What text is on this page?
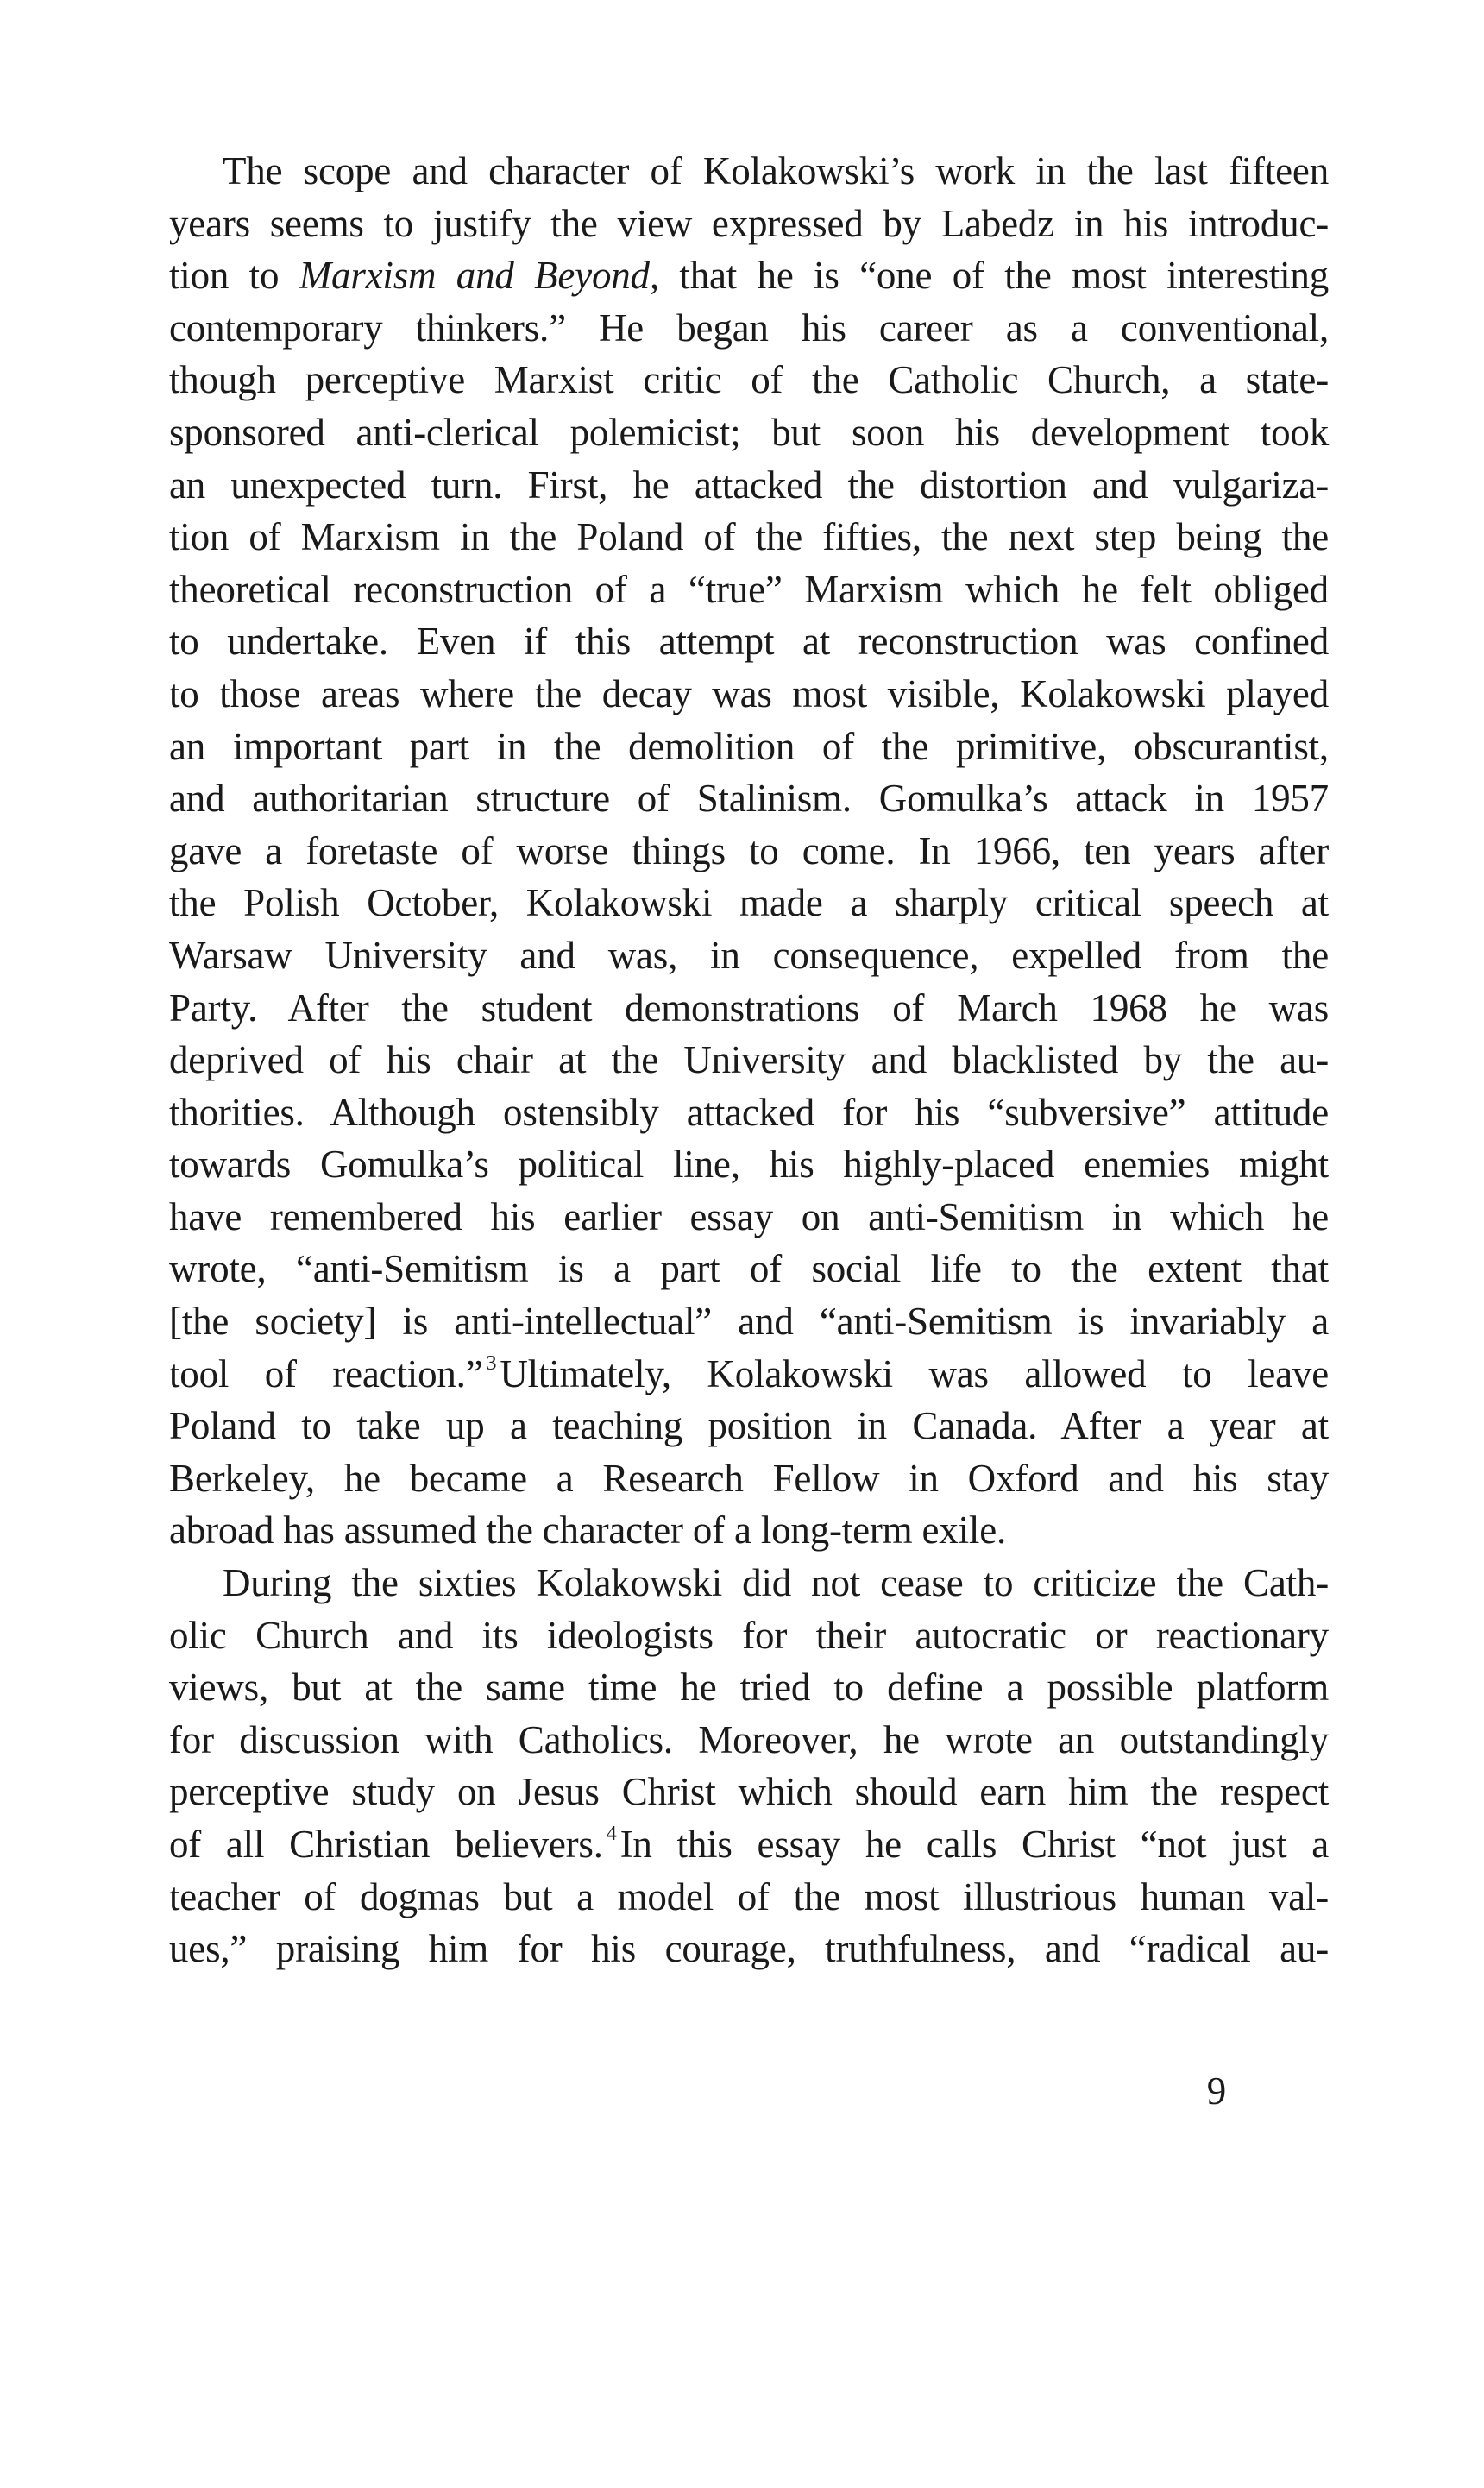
The scope and character of Kolakowski’s work in the last fifteen
years seems to justify the view expressed by Labedz in his introduc-
tion to Marxism and Beyond, that he is “one of the most interesting
contemporary thinkers.” He began his career as a conventional,
though perceptive Marxist critic of the Catholic Church, a state-
sponsored anti-clerical polemicist; but soon his development took
an unexpected turn. First, he attacked the distortion and vulgariza-
tion of Marxism in the Poland of the fifties, the next step being the
theoretical reconstruction of a “true” Marxism which he felt obliged
to undertake. Even if this attempt at reconstruction was confined
to those areas where the decay was most visible, Kolakowski played
an important part in the demolition of the primitive, obscurantist,
and authoritarian structure of Stalinism. Gomulka’s attack in 1957
gave a foretaste of worse things to come. In 1966, ten years after
the Polish October, Kolakowski made a sharply critical speech at
Warsaw University and was, in consequence, expelled from the
Party. After the student demonstrations of March 1968 he was
deprived of his chair at the University and blacklisted by the au-
thorities. Although ostensibly attacked for his “subversive” attitude
towards Gomulka’s political line, his highly-placed enemies might
have remembered his earlier essay on anti-Semitism in which he
wrote, “anti-Semitism is a part of social life to the extent that
[the society] is anti-intellectual” and “anti-Semitism is invariably a
tool of reaction.” $^3$Ultimately, Kolakowski was allowed to leave
Poland to take up a teaching position in Canada. After a year at
Berkeley, he became a Research Fellow in Oxford and his stay
abroad has assumed the character of a long-term exile.
During the sixties Kolakowski did not cease to criticize the Cath-
olic Church and its ideologists for their autocratic or reactionary
views, but at the same time he tried to define a possible platform
for discussion with Catholics. Moreover, he wrote an outstandingly
perceptive study on Jesus Christ which should earn him the respect
of all Christian believers. $^4$In this essay he calls Christ “not just a
teacher of dogmas but a model of the most illustrious human val-
ues,” praising him for his courage, truthfulness, and “radical au-
9
